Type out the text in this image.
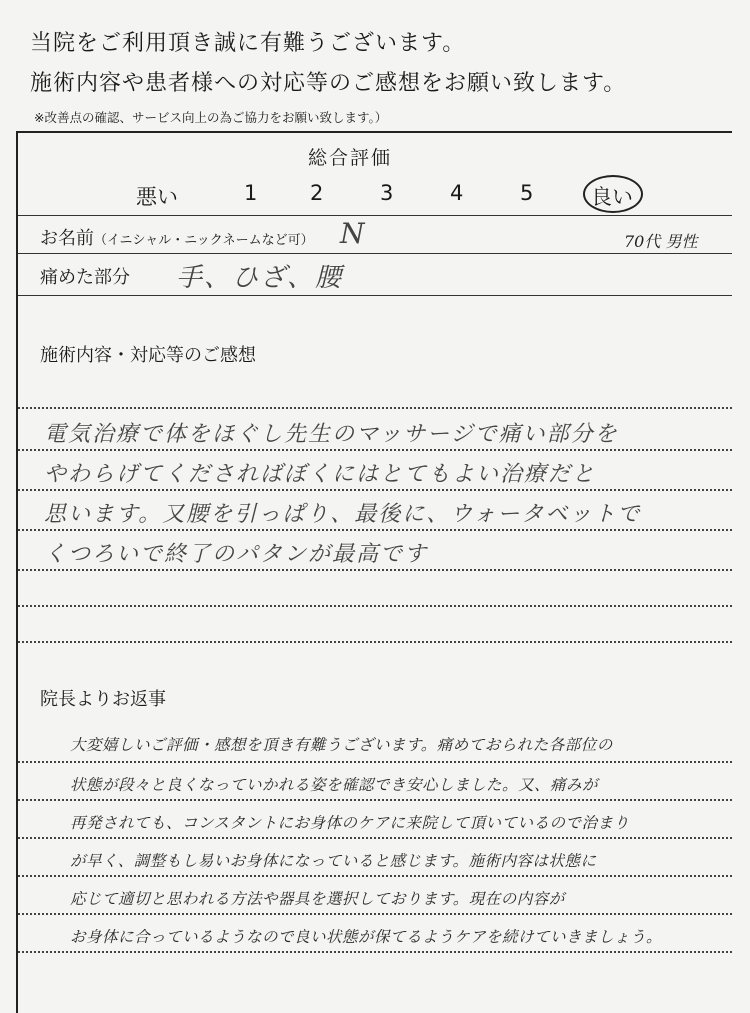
当院をご利用頂き誠に有難うございます。
施術内容や患者様への対応等のご感想をお願い致します。
※改善点の確認、サービス向上の為ご協力をお願い致します。）
総合評価
悪い	1	2	3	4	5	良い
お名前（イニシャル・ニックネームなど可） N	70代 男性
痛めた部分 手、ひざ、腰
施術内容・対応等のご感想
電気治療で体をほぐし先生のマッサージで痛い部分を
やわらげてくださればぼくにはとてもよい治療だと
思います。又腰を引っぱり、最後に、ウォータベットで
くつろいで終了のパタンが最高です
院長よりお返事
大変嬉しいご評価・感想を頂き有難うございます。痛めておられた各部位の
状態が段々と良くなっていかれる姿を確認でき安心しました。又、痛みが
再発されても、コンスタントにお身体のケアに来院して頂いているので治まり
が早く、調整もし易いお身体になっていると感じます。施術内容は状態に
応じて適切と思われる方法や器具を選択しております。現在の内容が
お身体に合っているようなので良い状態が保てるようケアを続けていきましょう。
